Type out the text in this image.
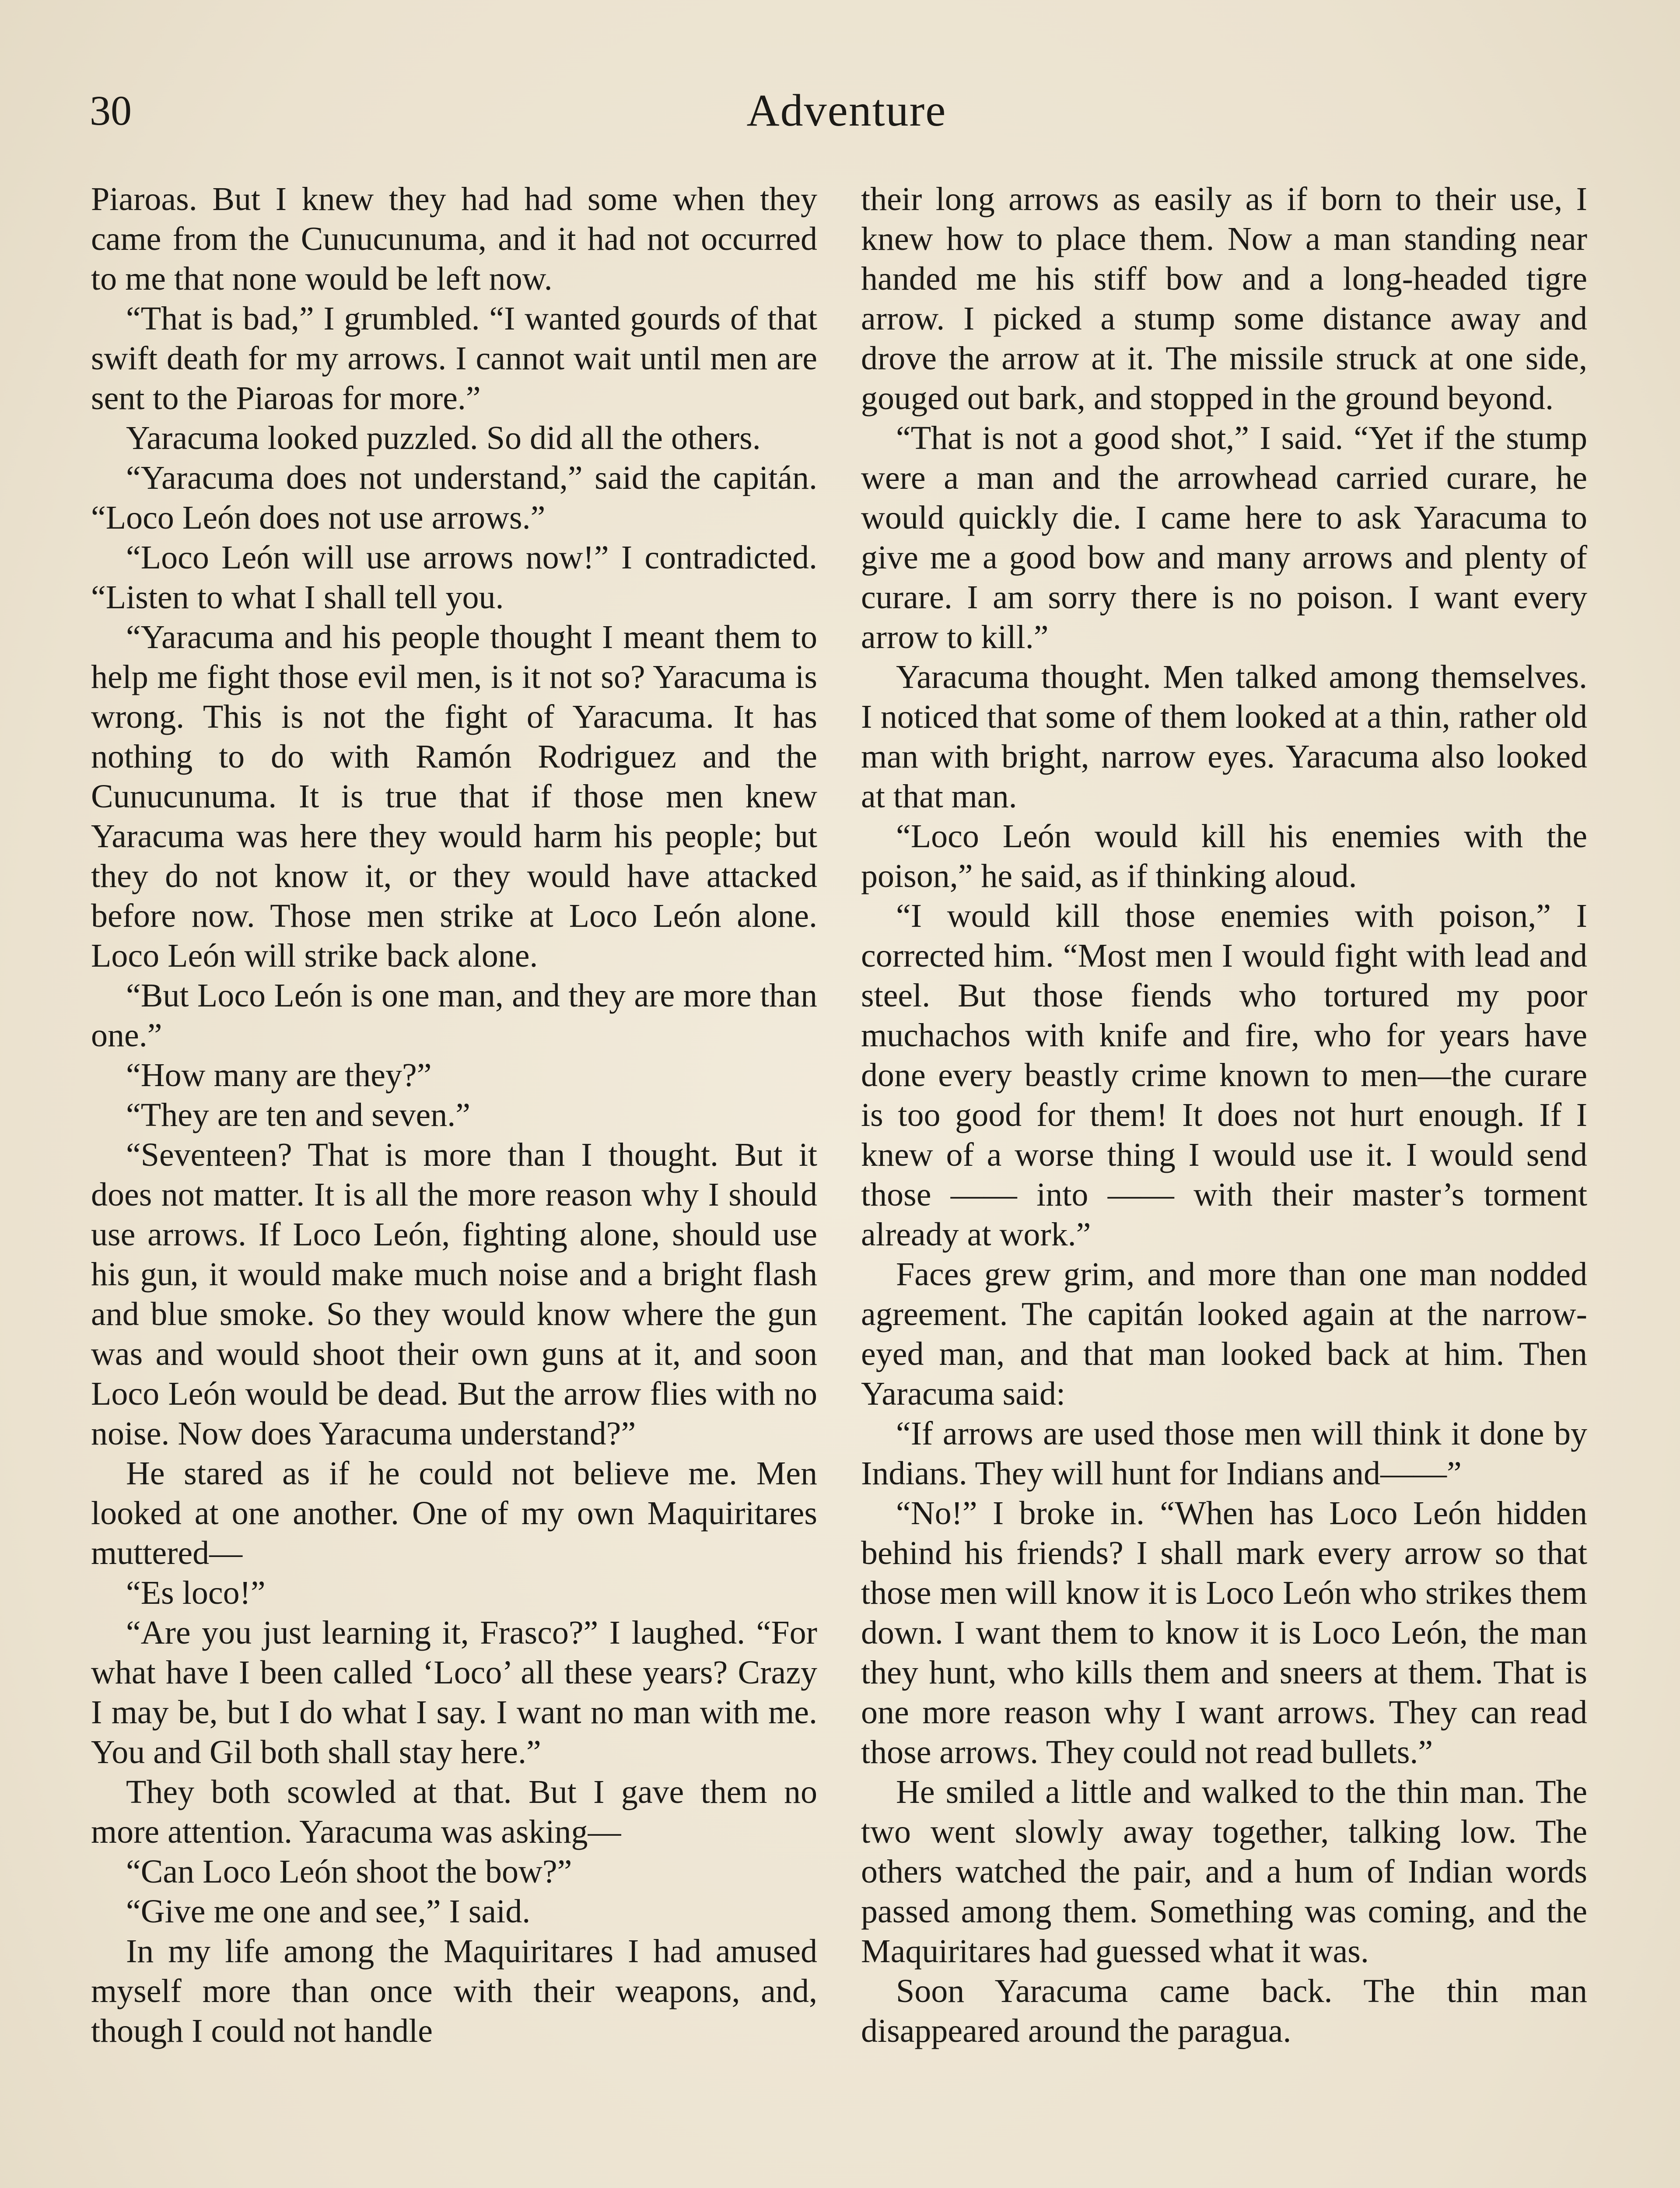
30	Adventure

Piaroas. But I knew they had had some when they came from the Cunucunuma, and it had not occurred to me that none would be left now.

“That is bad,” I grumbled. “I wanted gourds of that swift death for my arrows. I cannot wait until men are sent to the Piaroas for more.”

Yaracuma looked puzzled. So did all the others.

“Yaracuma does not understand,” said the capitán. “Loco León does not use arrows.”

“Loco León will use arrows now!” I contradicted. “Listen to what I shall tell you.

“Yaracuma and his people thought I meant them to help me fight those evil men, is it not so? Yaracuma is wrong. This is not the fight of Yaracuma. It has nothing to do with Ramón Rodriguez and the Cunucunuma. It is true that if those men knew Yaracuma was here they would harm his people; but they do not know it, or they would have attacked before now. Those men strike at Loco León alone. Loco León will strike back alone.

“But Loco León is one man, and they are more than one.”

“How many are they?”

“They are ten and seven.”

“Seventeen? That is more than I thought. But it does not matter. It is all the more reason why I should use arrows. If Loco León, fighting alone, should use his gun, it would make much noise and a bright flash and blue smoke. So they would know where the gun was and would shoot their own guns at it, and soon Loco León would be dead. But the arrow flies with no noise. Now does Yaracuma understand?”

He stared as if he could not believe me. Men looked at one another. One of my own Maquiritares muttered—

“Es loco!”

“Are you just learning it, Frasco?” I laughed. “For what have I been called ‘Loco’ all these years? Crazy I may be, but I do what I say. I want no man with me. You and Gil both shall stay here.”

They both scowled at that. But I gave them no more attention. Yaracuma was asking—

“Can Loco León shoot the bow?”

“Give me one and see,” I said.

In my life among the Maquiritares I had amused myself more than once with their weapons, and, though I could not handle

their long arrows as easily as if born to their use, I knew how to place them. Now a man standing near handed me his stiff bow and a long-headed tigre arrow. I picked a stump some distance away and drove the arrow at it. The missile struck at one side, gouged out bark, and stopped in the ground beyond.

“That is not a good shot,” I said. “Yet if the stump were a man and the arrowhead carried curare, he would quickly die. I came here to ask Yaracuma to give me a good bow and many arrows and plenty of curare. I am sorry there is no poison. I want every arrow to kill.”

Yaracuma thought. Men talked among themselves. I noticed that some of them looked at a thin, rather old man with bright, narrow eyes. Yaracuma also looked at that man.

“Loco León would kill his enemies with the poison,” he said, as if thinking aloud.

“I would kill those enemies with poison,” I corrected him. “Most men I would fight with lead and steel. But those fiends who tortured my poor muchachos with knife and fire, who for years have done every beastly crime known to men—the curare is too good for them! It does not hurt enough. If I knew of a worse thing I would use it. I would send those —— into —— with their master’s torment already at work.”

Faces grew grim, and more than one man nodded agreement. The capitán looked again at the narrow-eyed man, and that man looked back at him. Then Yaracuma said:

“If arrows are used those men will think it done by Indians. They will hunt for Indians and——”

“No!” I broke in. “When has Loco León hidden behind his friends? I shall mark every arrow so that those men will know it is Loco León who strikes them down. I want them to know it is Loco León, the man they hunt, who kills them and sneers at them. That is one more reason why I want arrows. They can read those arrows. They could not read bullets.”

He smiled a little and walked to the thin man. The two went slowly away together, talking low. The others watched the pair, and a hum of Indian words passed among them. Something was coming, and the Maquiritares had guessed what it was.

Soon Yaracuma came back. The thin man disappeared around the paragua.
